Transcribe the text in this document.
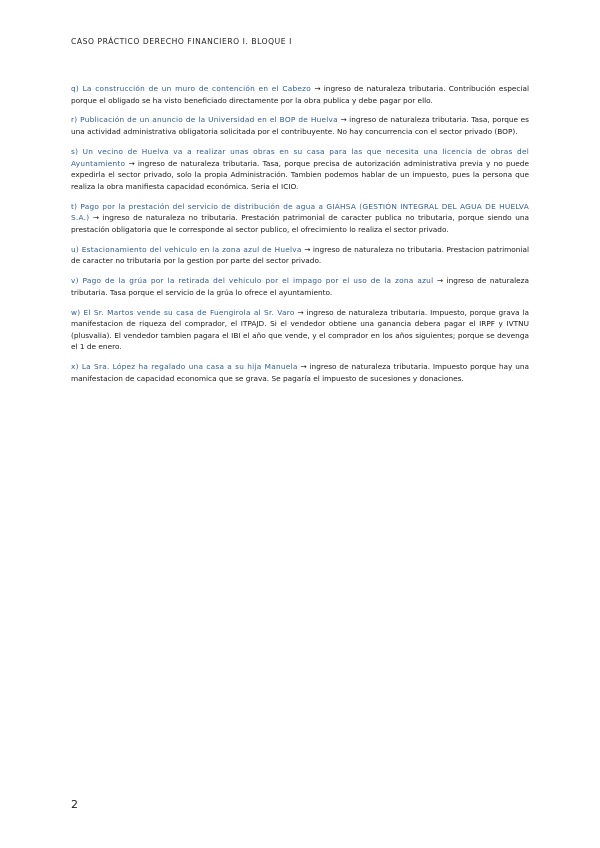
CASO PRÁCTICO DERECHO FINANCIERO I. BLOQUE I

q) La construcción de un muro de contención en el Cabezo → ingreso de naturaleza tributaria. Contribución especial porque el obligado se ha visto beneficiado directamente por la obra publica y debe pagar por ello.

r) Publicación de un anuncio de la Universidad en el BOP de Huelva → ingreso de naturaleza tributaria. Tasa, porque es una actividad administrativa obligatoria solicitada por el contribuyente. No hay concurrencia con el sector privado (BOP).

s) Un vecino de Huelva va a realizar unas obras en su casa para las que necesita una licencia de obras del Ayuntamiento → ingreso de naturaleza tributaria. Tasa, porque precisa de autorización administrativa previa y no puede expedirla el sector privado, solo la propia Administración. Tambien podemos hablar de un impuesto, pues la persona que realiza la obra manifiesta capacidad económica. Seria el ICIO.

t) Pago por la prestación del servicio de distribución de agua a GIAHSA (GESTIÓN INTEGRAL DEL AGUA DE HUELVA S.A.) → ingreso de naturaleza no tributaria. Prestación patrimonial de caracter publica no tributaria, porque siendo una prestación obligatoria que le corresponde al sector publico, el ofrecimiento lo realiza el sector privado.

u) Estacionamiento del vehiculo en la zona azul de Huelva → ingreso de naturaleza no tributaria. Prestacion patrimonial de caracter no tributaria por la gestion por parte del sector privado.

v) Pago de la grúa por la retirada del vehiculo por el impago por el uso de la zona azul → ingreso de naturaleza tributaria. Tasa porque el servicio de la grúa lo ofrece el ayuntamiento.

w) El Sr. Martos vende su casa de Fuengirola al Sr. Varo → ingreso de naturaleza tributaria. Impuesto, porque grava la manifestacion de riqueza del comprador, el ITPAJD. Si el vendedor obtiene una ganancia debera pagar el IRPF y IVTNU (plusvalia). El vendedor tambien pagara el IBI el año que vende, y el comprador en los años siguientes; porque se devenga el 1 de enero.

x) La Sra. López ha regalado una casa a su hija Manuela → ingreso de naturaleza tributaria. Impuesto porque hay una manifestacion de capacidad economica que se grava. Se pagaría el impuesto de sucesiones y donaciones.

2
